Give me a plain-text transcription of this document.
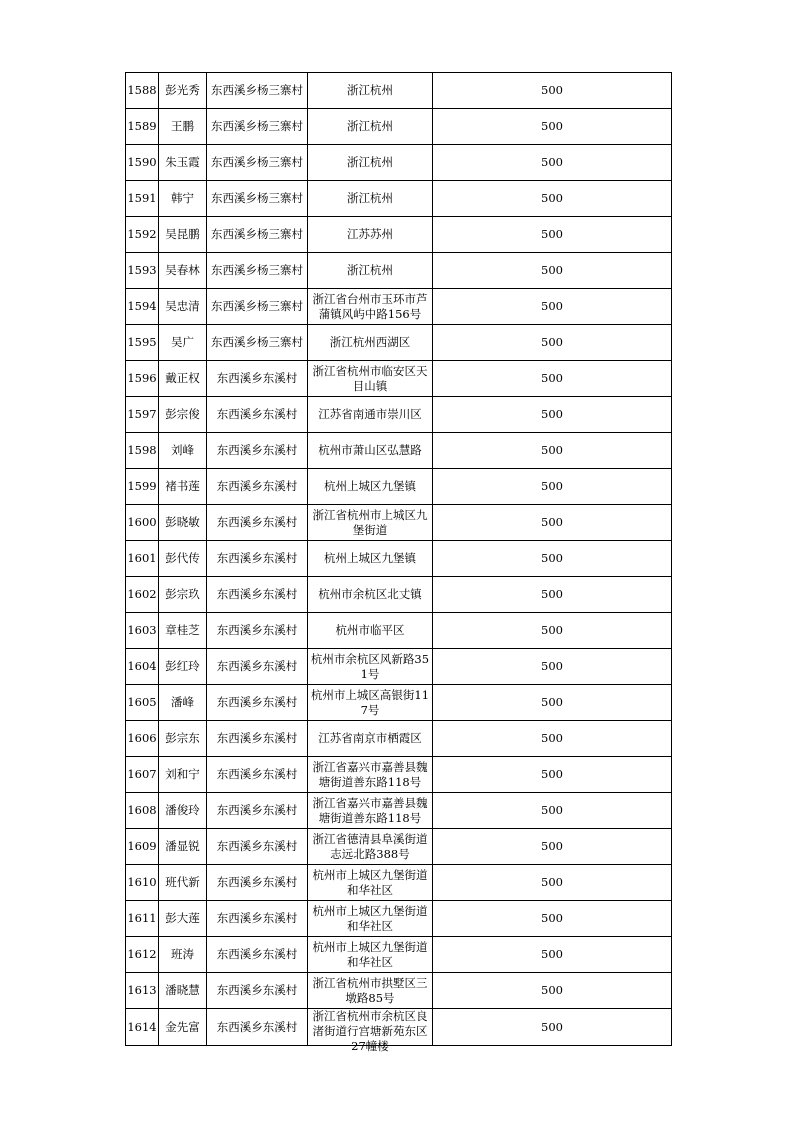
1588	彭光秀	东西溪乡杨三寨村	浙江杭州	500
1589	王鹏	东西溪乡杨三寨村	浙江杭州	500
1590	朱玉霞	东西溪乡杨三寨村	浙江杭州	500
1591	韩宁	东西溪乡杨三寨村	浙江杭州	500
1592	吴昆鹏	东西溪乡杨三寨村	江苏苏州	500
1593	吴春林	东西溪乡杨三寨村	浙江杭州	500
1594	吴忠清	东西溪乡杨三寨村	浙江省台州市玉环市芦蒲镇风屿中路156号	500
1595	吴广	东西溪乡杨三寨村	浙江杭州西湖区	500
1596	戴正权	东西溪乡东溪村	浙江省杭州市临安区天目山镇	500
1597	彭宗俊	东西溪乡东溪村	江苏省南通市崇川区	500
1598	刘峰	东西溪乡东溪村	杭州市萧山区弘慧路	500
1599	褚书莲	东西溪乡东溪村	杭州上城区九堡镇	500
1600	彭晓敏	东西溪乡东溪村	浙江省杭州市上城区九堡街道	500
1601	彭代传	东西溪乡东溪村	杭州上城区九堡镇	500
1602	彭宗玖	东西溪乡东溪村	杭州市余杭区北丈镇	500
1603	章桂芝	东西溪乡东溪村	杭州市临平区	500
1604	彭红玲	东西溪乡东溪村	杭州市余杭区风新路351号	500
1605	潘峰	东西溪乡东溪村	杭州市上城区高银街117号	500
1606	彭宗东	东西溪乡东溪村	江苏省南京市栖霞区	500
1607	刘和宁	东西溪乡东溪村	浙江省嘉兴市嘉善县魏塘街道善东路118号	500
1608	潘俊玲	东西溪乡东溪村	浙江省嘉兴市嘉善县魏塘街道善东路118号	500
1609	潘显锐	东西溪乡东溪村	浙江省德清县阜溪街道志远北路388号	500
1610	班代新	东西溪乡东溪村	杭州市上城区九堡街道和华社区	500
1611	彭大莲	东西溪乡东溪村	杭州市上城区九堡街道和华社区	500
1612	班涛	东西溪乡东溪村	杭州市上城区九堡街道和华社区	500
1613	潘晓慧	东西溪乡东溪村	浙江省杭州市拱墅区三墩路85号	500
1614	金先富	东西溪乡东溪村	浙江省杭州市余杭区良渚街道行宫塘新苑东区27幢楼	500
